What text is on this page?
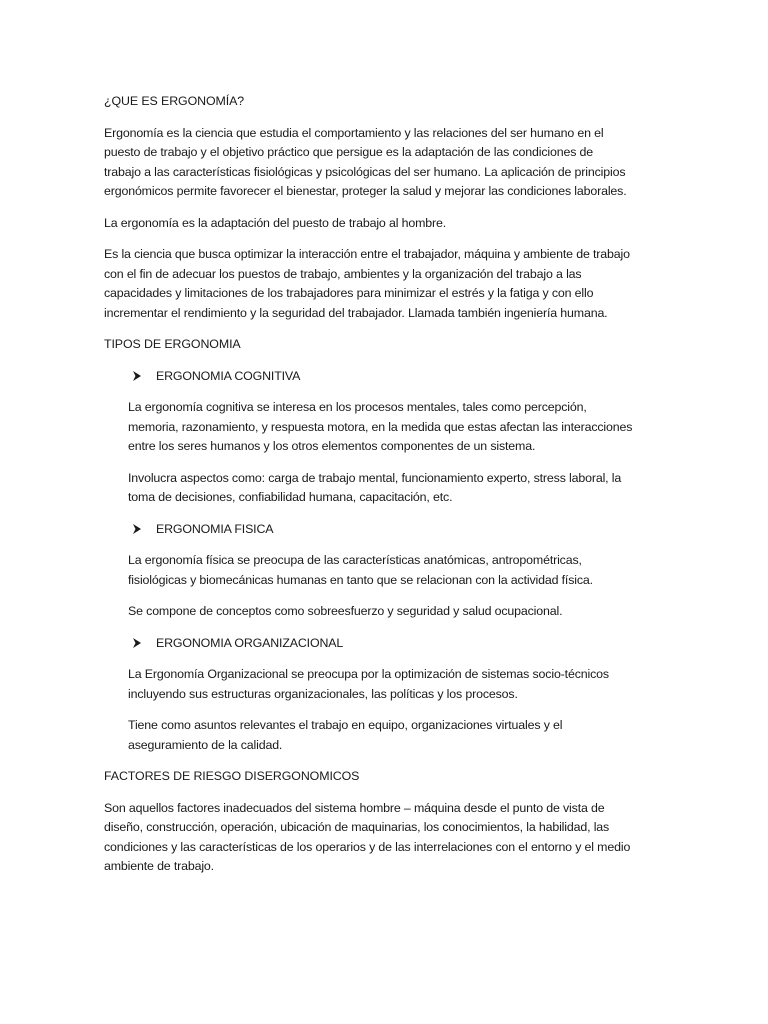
¿QUE ES ERGONOMÍA?
Ergonomía es la ciencia que estudia el comportamiento y las relaciones del ser humano en el
puesto de trabajo y el objetivo práctico que persigue es la adaptación de las condiciones de
trabajo a las características fisiológicas y psicológicas del ser humano. La aplicación de principios
ergonómicos permite favorecer el bienestar, proteger la salud y mejorar las condiciones laborales.
La ergonomía es la adaptación del puesto de trabajo al hombre.
Es la ciencia que busca optimizar la interacción entre el trabajador, máquina y ambiente de trabajo
con el fin de adecuar los puestos de trabajo, ambientes y la organización del trabajo a las
capacidades y limitaciones de los trabajadores para minimizar el estrés y la fatiga y con ello
incrementar el rendimiento y la seguridad del trabajador. Llamada también ingeniería humana.
TIPOS DE ERGONOMIA
ERGONOMIA COGNITIVA
La ergonomía cognitiva se interesa en los procesos mentales, tales como percepción,
memoria, razonamiento, y respuesta motora, en la medida que estas afectan las interacciones
entre los seres humanos y los otros elementos componentes de un sistema.
Involucra aspectos como: carga de trabajo mental, funcionamiento experto, stress laboral, la
toma de decisiones, confiabilidad humana, capacitación, etc.
ERGONOMIA FISICA
La ergonomía física se preocupa de las características anatómicas, antropométricas,
fisiológicas y biomecánicas humanas en tanto que se relacionan con la actividad física.
Se compone de conceptos como sobreesfuerzo y seguridad y salud ocupacional.
ERGONOMIA ORGANIZACIONAL
La Ergonomía Organizacional se preocupa por la optimización de sistemas socio-técnicos
incluyendo sus estructuras organizacionales, las políticas y los procesos.
Tiene como asuntos relevantes el trabajo en equipo, organizaciones virtuales y el
aseguramiento de la calidad.
FACTORES DE RIESGO DISERGONOMICOS
Son aquellos factores inadecuados del sistema hombre – máquina desde el punto de vista de
diseño, construcción, operación, ubicación de maquinarias, los conocimientos, la habilidad, las
condiciones y las características de los operarios y de las interrelaciones con el entorno y el medio
ambiente de trabajo.
